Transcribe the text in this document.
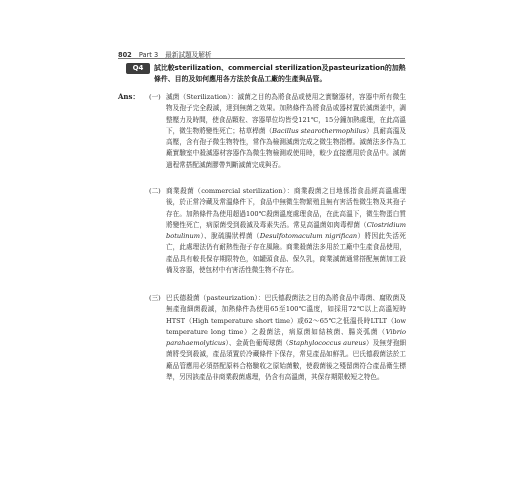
802 Part 3 最新試題及解析
Q4	試比較sterilization、commercial sterilization及pasteurization的加熱條件、目的及如何應用各方法於食品工廠的生產與品管。
Ans： (一) 滅菌（Sterilization）：滅菌之目的為將食品或使用之實驗器材，容器中所有微生物及孢子完全殺滅，達到無菌之效果。加熱條件為將食品或器材置於滅菌釜中，調整壓力及時間，使食品顆粒、容器單位均皆受121℃，15分鐘加熱處理，在此高溫下，微生物將變性死亡；枯草桿菌（Bacillus stearothermophilus）具耐高溫及高壓，含有孢子微生物特性，常作為檢測滅菌完成之微生物指標。滅菌法多作為工廠實驗室中殺滅器材容器作為微生物檢測或使用時，較少直接應用於食品中。滅菌過程常搭配滅菌膠帶判斷滅菌完成與否。
(二) 商業殺菌（commercial sterilization）：商業殺菌之目地係指食品經高溫處理後，於正常冷藏及常溫條件下，食品中無微生物繁殖且無有害活性微生物及其孢子存在。加熱條件為使用超過100℃殺菌溫度處理食品，在此高溫下，微生物蛋白質將變性死亡，病原菌受到殺滅及毒素失活。常見高溫菌如肉毒桿菌（Clostridium botulinum）、脫硫腸狀桿菌（Desulfotomaculum nigrifican）將因此失活死亡，此處理法仍有耐熱性孢子存在風險。商業殺菌法多用於工廠中生產食品使用，產品具有較長保存期限特色，如罐頭食品、保久乳，商業滅菌通常搭配無菌加工設備及容器，使包材中有害活性微生物不存在。
(三) 巴氏德殺菌（pasteurization）：巴氏德殺菌法之目的為將食品中毒菌、腐敗菌及無產孢細菌殺滅，加熱條件為使用65至100℃溫度，如採用72℃以上高溫短時HTST（High temperature short time）或62～65℃之低溫長時LTLT（low temperature long time）之殺菌法，病原菌如結核菌、腸炎弧菌（Vibrio parahaemolyticus）、金黃色葡萄球菌（Staphylococcus aureus）及無芽孢細菌將受到殺滅，產品須置於冷藏條件下保存，常見產品如鮮乳。巴氏德殺菌法於工廠品管應用必須搭配原料合格驗收之原始菌數，使殺菌後之殘留菌符合產品衛生標準，另因該產品非商業殺菌處理，仍含有高溫菌，其保存期限較短之特色。
